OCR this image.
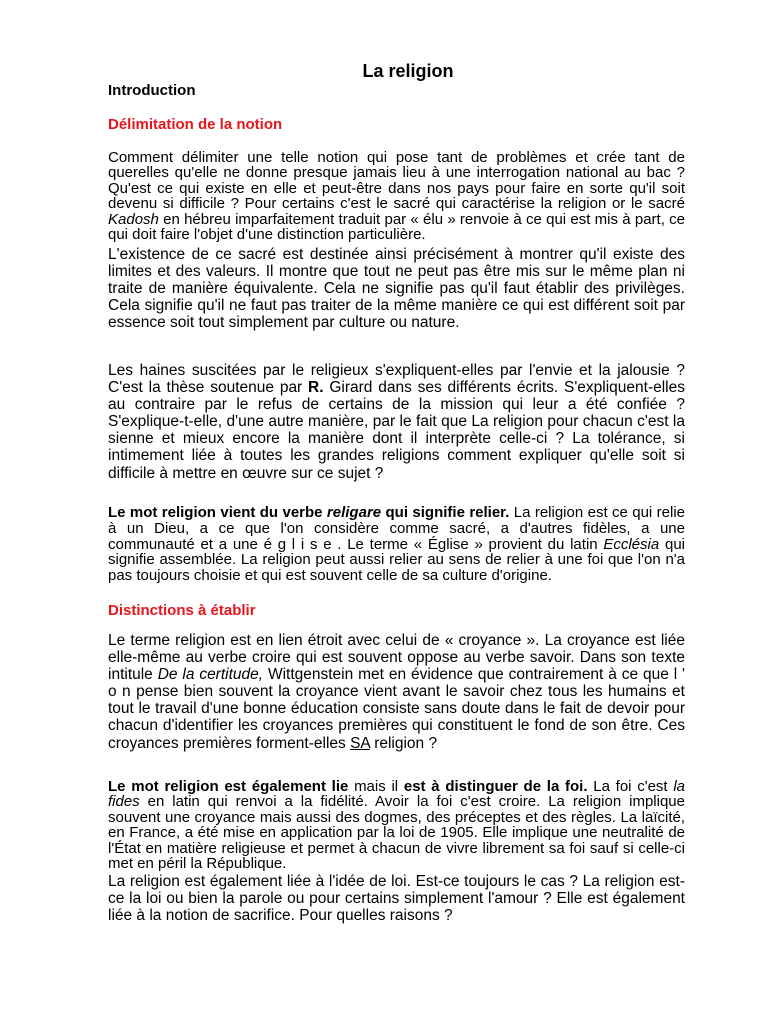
La religion
Introduction
Délimitation de la notion

Comment délimiter une telle notion qui pose tant de problèmes et crée tant de querelles qu'elle ne donne presque jamais lieu à une interrogation national au bac ? Qu'est ce qui existe en elle et peut-être dans nos pays pour faire en sorte qu'il soit devenu si difficile ? Pour certains c'est le sacré qui caractérise la religion or le sacré Kadosh en hébreu imparfaitement traduit par « élu » renvoie à ce qui est mis à part, ce qui doit faire l'objet d'une distinction particulière.

L'existence de ce sacré est destinée ainsi précisément à montrer qu'il existe des limites et des valeurs. Il montre que tout ne peut pas être mis sur le même plan ni traite de manière équivalente. Cela ne signifie pas qu'il faut établir des privilèges. Cela signifie qu'il ne faut pas traiter de la même manière ce qui est différent soit par essence soit tout simplement par culture ou nature.

Les haines suscitées par le religieux s'expliquent-elles par l'envie et la jalousie ? C'est la thèse soutenue par R. Girard dans ses différents écrits. S'expliquent-elles au contraire par le refus de certains de la mission qui leur a été confiée ? S'explique-t-elle, d'une autre manière, par le fait que La religion pour chacun c'est la sienne et mieux encore la manière dont il interprète celle-ci ? La tolérance, si intimement liée à toutes les grandes religions comment expliquer qu'elle soit si difficile à mettre en œuvre sur ce sujet ?

Le mot religion vient du verbe religare qui signifie relier. La religion est ce qui relie à un Dieu, a ce que l'on considère comme sacré, a d'autres fidèles, a une communauté et a une é g l i s e . Le terme « Église » provient du latin Ecclésia qui signifie assemblée. La religion peut aussi relier au sens de relier à une foi que l'on n'a pas toujours choisie et qui est souvent celle de sa culture d'origine.

Distinctions à établir

Le terme religion est en lien étroit avec celui de « croyance ». La croyance est liée elle-même au verbe croire qui est souvent oppose au verbe savoir. Dans son texte intitule De la certitude, Wittgenstein met en évidence que contrairement à ce que l ' o n pense bien souvent la croyance vient avant le savoir chez tous les humains et tout le travail d'une bonne éducation consiste sans doute dans le fait de devoir pour chacun d'identifier les croyances premières qui constituent le fond de son être. Ces croyances premières forment-elles SA religion ?

Le mot religion est également lie mais il est à distinguer de la foi. La foi c'est la fides en latin qui renvoi a la fidélité. Avoir la foi c'est croire. La religion implique souvent une croyance mais aussi des dogmes, des préceptes et des règles. La laïcité, en France, a été mise en application par la loi de 1905. Elle implique une neutralité de l'État en matière religieuse et permet à chacun de vivre librement sa foi sauf si celle-ci met en péril la République.

La religion est également liée à l'idée de loi. Est-ce toujours le cas ? La religion est-ce la loi ou bien la parole ou pour certains simplement l'amour ? Elle est également liée à la notion de sacrifice. Pour quelles raisons ?
